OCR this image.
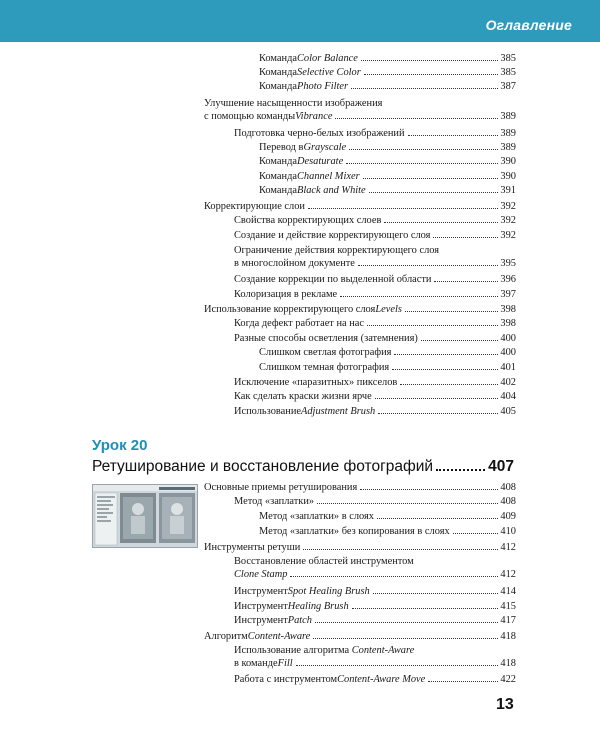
Оглавление
Команда Color Balance	385
Команда Selective Color	385
Команда Photo Filter	387
Улучшение насыщенности изображения
с помощью команды Vibrance	389
Подготовка черно-белых изображений	389
Перевод в Grayscale	389
Команда Desaturate	390
Команда Channel Mixer	390
Команда Black and White	391
Корректирующие слои	392
Свойства корректирующих слоев	392
Создание и действие корректирующего слоя	392
Ограничение действия корректирующего слоя
в многослойном документе	395
Создание коррекции по выделенной области	396
Колоризация в рекламе	397
Использование корректирующего слоя Levels	398
Когда дефект работает на нас	398
Разные способы осветления (затемнения)	400
Слишком светлая фотография	400
Слишком темная фотография	401
Исключение «паразитных» пикселов	402
Как сделать краски жизни ярче	404
Использование Adjustment Brush	405
Урок 20
Ретуширование и восстановление фотографий	407
Основные приемы ретуширования	408
Метод «заплатки»	408
Метод «заплатки» в слоях	409
Метод «заплатки» без копирования в слоях	410
Инструменты ретуши	412
Восстановление областей инструментом
Clone Stamp	412
Инструмент Spot Healing Brush	414
Инструмент Healing Brush	415
Инструмент Patch	417
Алгоритм Content-Aware	418
Использование алгоритма Content-Aware
в команде Fill	418
Работа с инструментом Content-Aware Move	422
13
